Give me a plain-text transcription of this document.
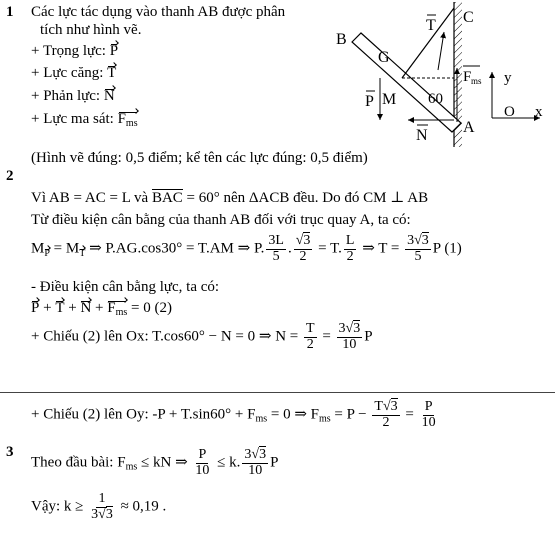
1 Các lực tác dụng vào thanh AB được phân
tích như hình vẽ.
+ Trọng lực: P
+ Lực căng: T
+ Phản lực: N
+ Lực ma sát: $F_{ms}$
(Hình vẽ đúng: 0,5 điểm; kể tên các lực đúng: 0,5 điểm)
B
C
G
M
A
60
T
P
N
F ms y
O x
2
Vì AB = AC = L và BAC = 60° nên ΔACB đều. Do đó CM ⊥ AB
Từ điều kiện cân bằng của thanh AB đối với trục quay A, ta có:
MP = MT ⇒ P.AG.cos30° = T.AM ⇒ P. $\frac{3L}{5}$ . $\frac{√3}{2} = T$. $\frac{L}{2}$ ⇒ $T = \frac{3√3}{5}$ P (1)
- Điều kiện cân bằng lực, ta có:
$P + T + N + F_{ms} = 0$ (2)
+ Chiếu (2) lên Ox: T.cos60° − N = 0 ⇒ $N = \frac{T}{2} = \frac{3√3}{10}$ P
+ Chiếu (2) lên Oy: $-P + T.\sin 60^\circ + F_{ms} = 0$ ⇒ $F_{ms} = P - \frac{T√3}{2} = \frac{P}{10}$
3
Theo đầu bài: $F_{ms}$ ≤ kN ⇒ $\frac{P}{10} \le k$. $\frac{3√3}{10}$ P
Vậy: $k \ge \frac{1}{3√3} \approx 0,19$ .
